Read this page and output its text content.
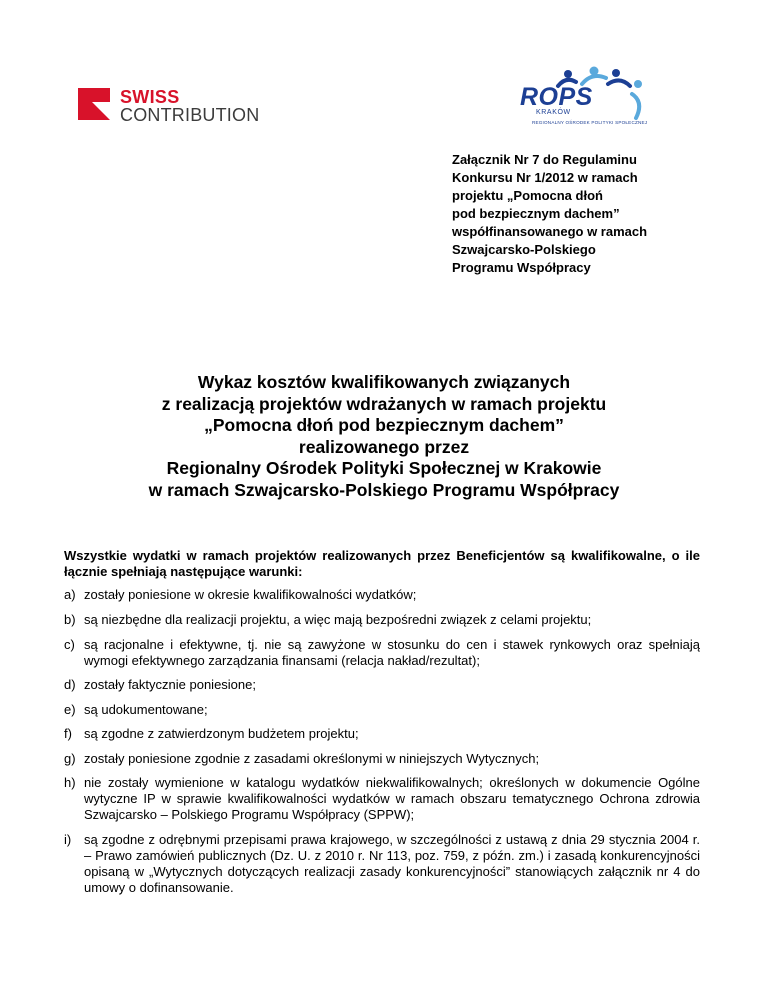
SWISS
CONTRIBUTION
ROPS
KRAKÓW
REGIONALNY OŚRODEK POLITYKI SPOŁECZNEJ
Załącznik Nr 7 do Regulaminu
Konkursu Nr 1/2012 w ramach
projektu „Pomocna dłoń
pod bezpiecznym dachem”
współfinansowanego w ramach
Szwajcarsko-Polskiego
Programu Współpracy
Wykaz kosztów kwalifikowanych związanych
z realizacją projektów wdrażanych w ramach projektu
„Pomocna dłoń pod bezpiecznym dachem”
realizowanego przez
Regionalny Ośrodek Polityki Społecznej w Krakowie
w ramach Szwajcarsko-Polskiego Programu Współpracy
Wszystkie wydatki w ramach projektów realizowanych przez Beneficjentów są kwalifikowalne, o ile łącznie spełniają następujące warunki:
a) zostały poniesione w okresie kwalifikowalności wydatków;
b) są niezbędne dla realizacji projektu, a więc mają bezpośredni związek z celami projektu;
c) są racjonalne i efektywne, tj. nie są zawyżone w stosunku do cen i stawek rynkowych oraz spełniają wymogi efektywnego zarządzania finansami (relacja nakład/rezultat);
d) zostały faktycznie poniesione;
e) są udokumentowane;
f) są zgodne z zatwierdzonym budżetem projektu;
g) zostały poniesione zgodnie z zasadami określonymi w niniejszych Wytycznych;
h) nie zostały wymienione w katalogu wydatków niekwalifikowalnych; określonych w dokumencie Ogólne wytyczne IP w sprawie kwalifikowalności wydatków w ramach obszaru tematycznego Ochrona zdrowia Szwajcarsko – Polskiego Programu Współpracy (SPPW);
i) są zgodne z odrębnymi przepisami prawa krajowego, w szczególności z ustawą z dnia 29 stycznia 2004 r. – Prawo zamówień publicznych (Dz. U. z 2010 r. Nr 113, poz. 759, z późn. zm.) i zasadą konkurencyjności opisaną w „Wytycznych dotyczących realizacji zasady konkurencyjności” stanowiących załącznik nr 4 do umowy o dofinansowanie.
